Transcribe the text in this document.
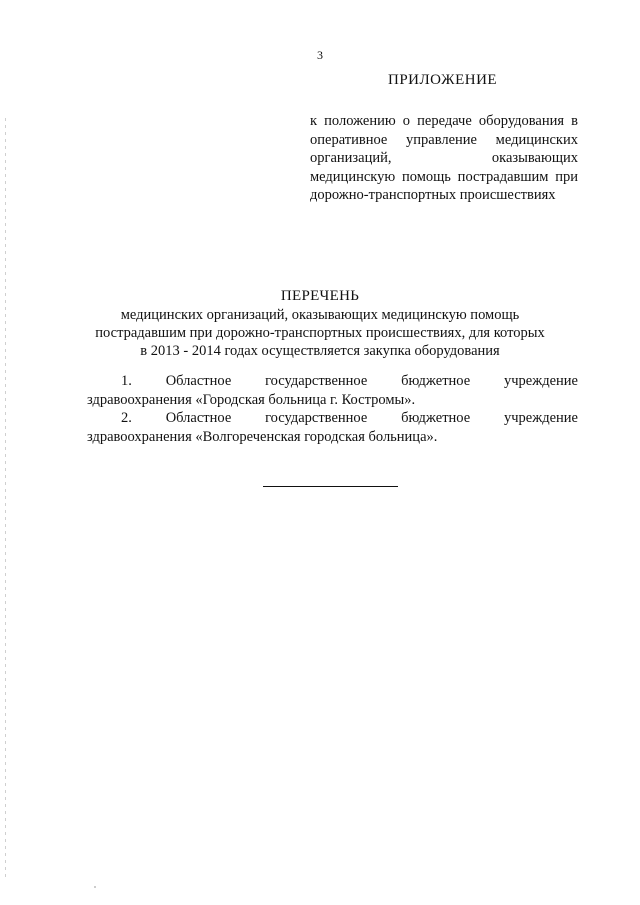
3
ПРИЛОЖЕНИЕ
к положению о передаче оборудования в
оперативное управление медицинских
организаций, оказывающих
медицинскую помощь пострадавшим при
дорожно-транспортных происшествиях
ПЕРЕЧЕНЬ
медицинских организаций, оказывающих медицинскую помощь
пострадавшим при дорожно-транспортных происшествиях, для которых
в 2013 - 2014 годах осуществляется закупка оборудования

1. Областное государственное бюджетное учреждение
здравоохранения «Городская больница г. Костромы».

2. Областное государственное бюджетное учреждение
здравоохранения «Волгореченская городская больница».
